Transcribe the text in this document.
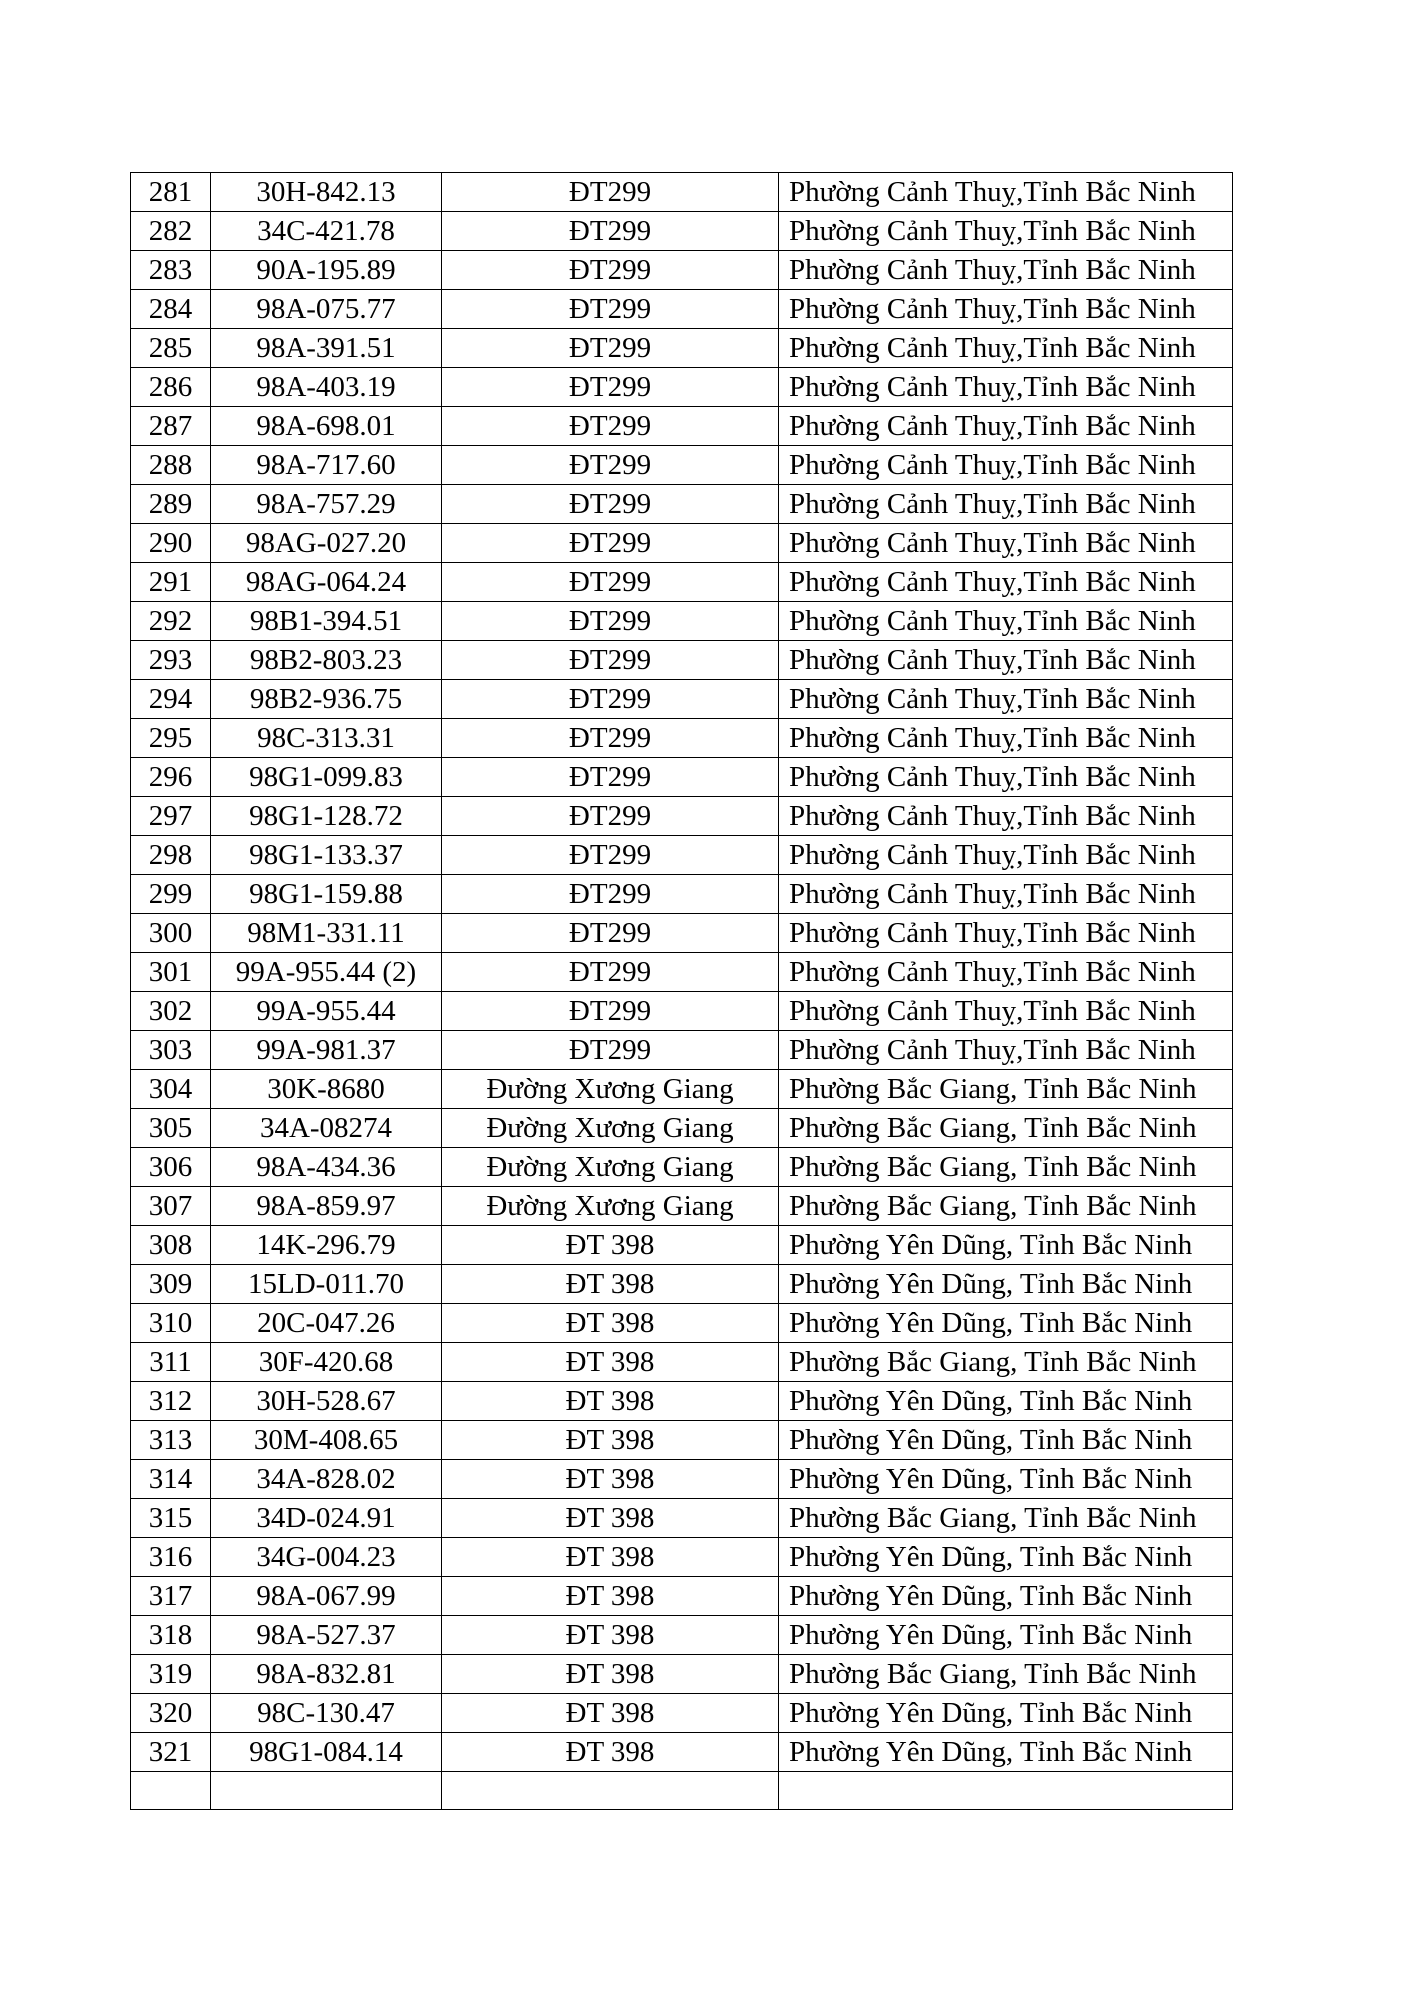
281	30H-842.13	ĐT299	Phường Cảnh Thuỵ,Tỉnh Bắc Ninh
282	34C-421.78	ĐT299	Phường Cảnh Thuỵ,Tỉnh Bắc Ninh
283	90A-195.89	ĐT299	Phường Cảnh Thuỵ,Tỉnh Bắc Ninh
284	98A-075.77	ĐT299	Phường Cảnh Thuỵ,Tỉnh Bắc Ninh
285	98A-391.51	ĐT299	Phường Cảnh Thuỵ,Tỉnh Bắc Ninh
286	98A-403.19	ĐT299	Phường Cảnh Thuỵ,Tỉnh Bắc Ninh
287	98A-698.01	ĐT299	Phường Cảnh Thuỵ,Tỉnh Bắc Ninh
288	98A-717.60	ĐT299	Phường Cảnh Thuỵ,Tỉnh Bắc Ninh
289	98A-757.29	ĐT299	Phường Cảnh Thuỵ,Tỉnh Bắc Ninh
290	98AG-027.20	ĐT299	Phường Cảnh Thuỵ,Tỉnh Bắc Ninh
291	98AG-064.24	ĐT299	Phường Cảnh Thuỵ,Tỉnh Bắc Ninh
292	98B1-394.51	ĐT299	Phường Cảnh Thuỵ,Tỉnh Bắc Ninh
293	98B2-803.23	ĐT299	Phường Cảnh Thuỵ,Tỉnh Bắc Ninh
294	98B2-936.75	ĐT299	Phường Cảnh Thuỵ,Tỉnh Bắc Ninh
295	98C-313.31	ĐT299	Phường Cảnh Thuỵ,Tỉnh Bắc Ninh
296	98G1-099.83	ĐT299	Phường Cảnh Thuỵ,Tỉnh Bắc Ninh
297	98G1-128.72	ĐT299	Phường Cảnh Thuỵ,Tỉnh Bắc Ninh
298	98G1-133.37	ĐT299	Phường Cảnh Thuỵ,Tỉnh Bắc Ninh
299	98G1-159.88	ĐT299	Phường Cảnh Thuỵ,Tỉnh Bắc Ninh
300	98M1-331.11	ĐT299	Phường Cảnh Thuỵ,Tỉnh Bắc Ninh
301	99A-955.44 (2)	ĐT299	Phường Cảnh Thuỵ,Tỉnh Bắc Ninh
302	99A-955.44	ĐT299	Phường Cảnh Thuỵ,Tỉnh Bắc Ninh
303	99A-981.37	ĐT299	Phường Cảnh Thuỵ,Tỉnh Bắc Ninh
304	30K-8680	Đường Xương Giang	Phường Bắc Giang, Tỉnh Bắc Ninh
305	34A-08274	Đường Xương Giang	Phường Bắc Giang, Tỉnh Bắc Ninh
306	98A-434.36	Đường Xương Giang	Phường Bắc Giang, Tỉnh Bắc Ninh
307	98A-859.97	Đường Xương Giang	Phường Bắc Giang, Tỉnh Bắc Ninh
308	14K-296.79	ĐT 398	Phường Yên Dũng, Tỉnh Bắc Ninh
309	15LD-011.70	ĐT 398	Phường Yên Dũng, Tỉnh Bắc Ninh
310	20C-047.26	ĐT 398	Phường Yên Dũng, Tỉnh Bắc Ninh
311	30F-420.68	ĐT 398	Phường Bắc Giang, Tỉnh Bắc Ninh
312	30H-528.67	ĐT 398	Phường Yên Dũng, Tỉnh Bắc Ninh
313	30M-408.65	ĐT 398	Phường Yên Dũng, Tỉnh Bắc Ninh
314	34A-828.02	ĐT 398	Phường Yên Dũng, Tỉnh Bắc Ninh
315	34D-024.91	ĐT 398	Phường Bắc Giang, Tỉnh Bắc Ninh
316	34G-004.23	ĐT 398	Phường Yên Dũng, Tỉnh Bắc Ninh
317	98A-067.99	ĐT 398	Phường Yên Dũng, Tỉnh Bắc Ninh
318	98A-527.37	ĐT 398	Phường Yên Dũng, Tỉnh Bắc Ninh
319	98A-832.81	ĐT 398	Phường Bắc Giang, Tỉnh Bắc Ninh
320	98C-130.47	ĐT 398	Phường Yên Dũng, Tỉnh Bắc Ninh
321	98G1-084.14	ĐT 398	Phường Yên Dũng, Tỉnh Bắc Ninh
